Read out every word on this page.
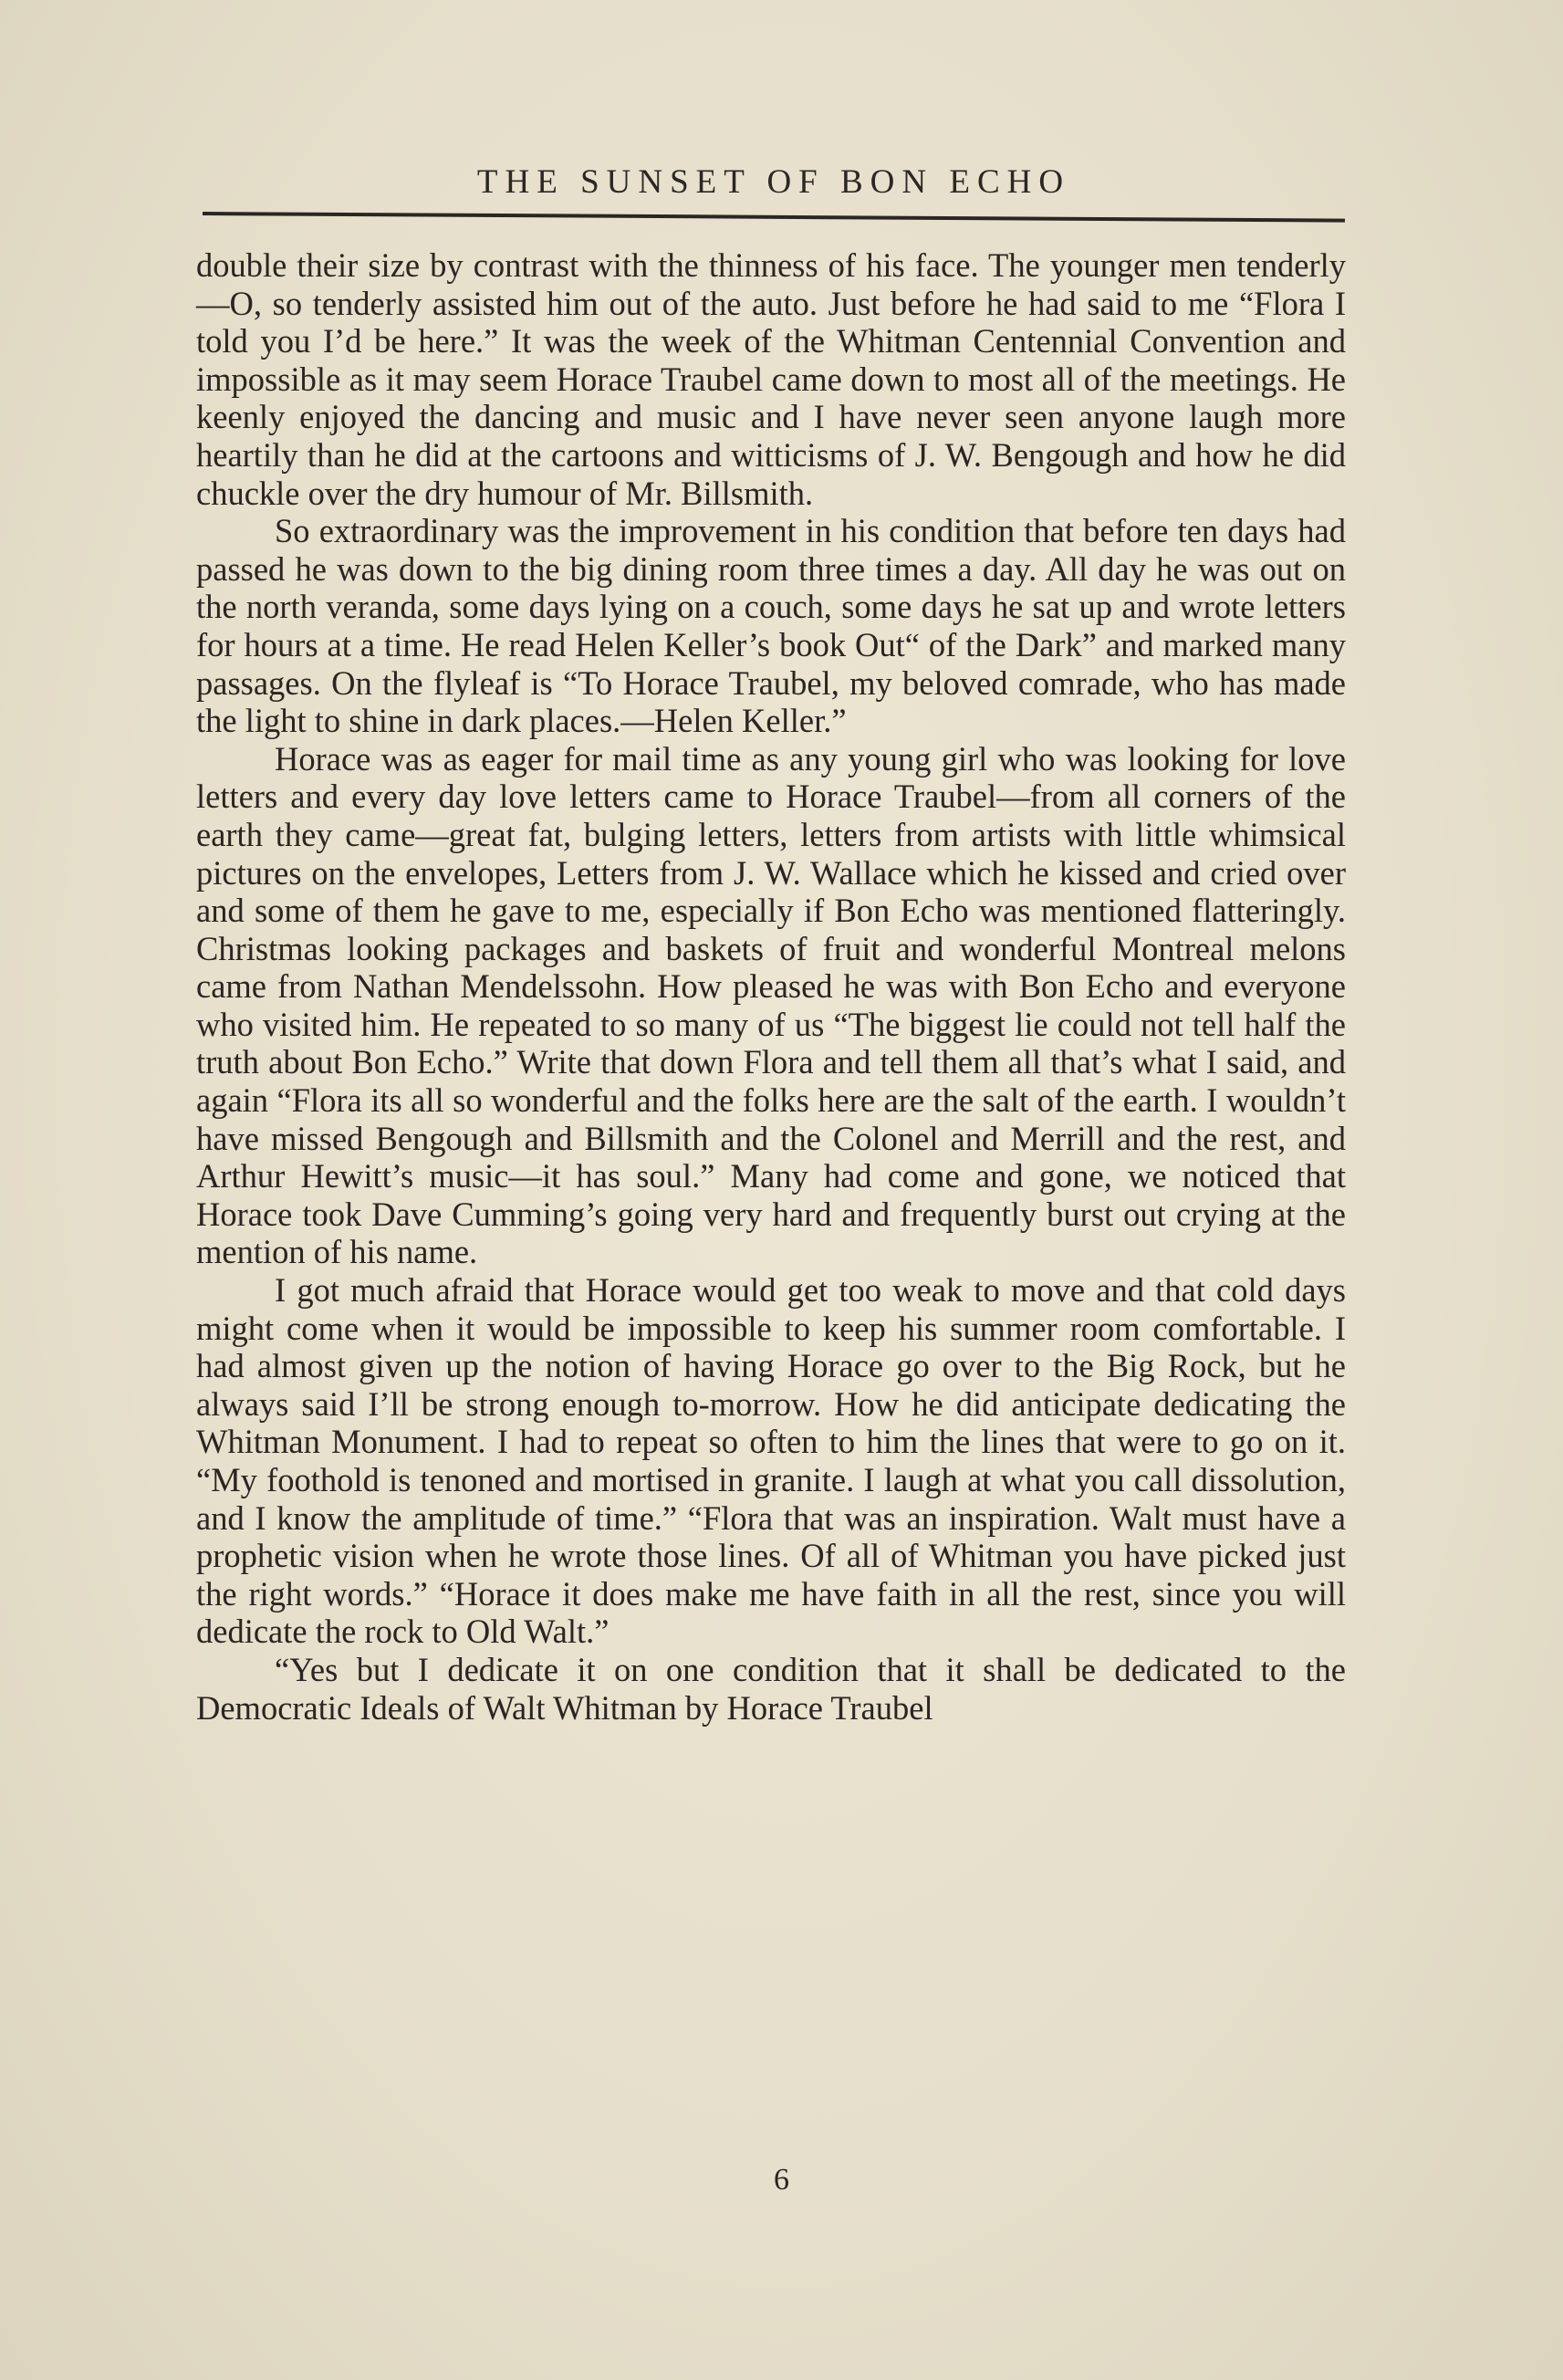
THE SUNSET OF BON ECHO

double their size by contrast with the thinness of his face. The younger men tenderly—O, so tenderly assisted him out of the auto. Just before he had said to me “Flora I told you I’d be here.” It was the week of the Whitman Centennial Convention and impossible as it may seem Horace Traubel came down to most all of the meetings. He keenly enjoyed the dancing and music and I have never seen anyone laugh more heartily than he did at the cartoons and witticisms of J. W. Bengough and how he did chuckle over the dry humour of Mr. Billsmith.

So extraordinary was the improvement in his condition that before ten days had passed he was down to the big dining room three times a day. All day he was out on the north veranda, some days lying on a couch, some days he sat up and wrote letters for hours at a time. He read Helen Keller’s book Out“ of the Dark” and marked many passages. On the flyleaf is “To Horace Traubel, my beloved comrade, who has made the light to shine in dark places.—Helen Keller.”

Horace was as eager for mail time as any young girl who was looking for love letters and every day love letters came to Horace Traubel—from all corners of the earth they came—great fat, bulging letters, letters from artists with little whimsical pictures on the envelopes, Letters from J. W. Wallace which he kissed and cried over and some of them he gave to me, especially if Bon Echo was mentioned flatteringly. Christmas looking packages and baskets of fruit and wonderful Montreal melons came from Nathan Mendelssohn. How pleased he was with Bon Echo and everyone who visited him. He repeated to so many of us “The biggest lie could not tell half the truth about Bon Echo.” Write that down Flora and tell them all that’s what I said, and again “Flora its all so wonderful and the folks here are the salt of the earth. I wouldn’t have missed Bengough and Billsmith and the Colonel and Merrill and the rest, and Arthur Hewitt’s music—it has soul.” Many had come and gone, we noticed that Horace took Dave Cumming’s going very hard and frequently burst out crying at the mention of his name.

I got much afraid that Horace would get too weak to move and that cold days might come when it would be impossible to keep his summer room comfortable. I had almost given up the notion of having Horace go over to the Big Rock, but he always said I’ll be strong enough to-morrow. How he did anticipate dedicating the Whitman Monument. I had to repeat so often to him the lines that were to go on it. “My foothold is tenoned and mortised in granite. I laugh at what you call dissolution, and I know the amplitude of time.” “Flora that was an inspiration. Walt must have a prophetic vision when he wrote those lines. Of all of Whitman you have picked just the right words.” “Horace it does make me have faith in all the rest, since you will dedicate the rock to Old Walt.”

“Yes but I dedicate it on one condition that it shall be dedicated to the Democratic Ideals of Walt Whitman by Horace Traubel

6
